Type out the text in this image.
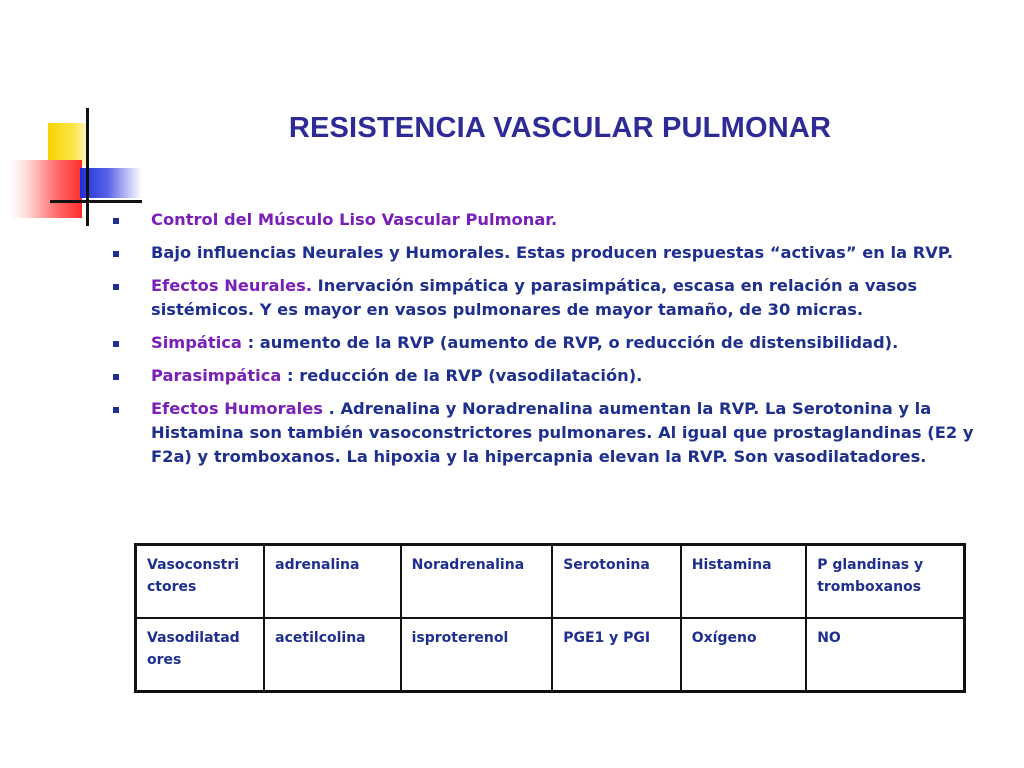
RESISTENCIA VASCULAR PULMONAR
Control del Músculo Liso Vascular Pulmonar.
Bajo influencias Neurales y Humorales. Estas producen respuestas “activas” en la RVP.
Efectos Neurales. Inervación simpática y parasimpática, escasa en relación a vasos sistémicos. Y es mayor en vasos pulmonares de mayor tamaño, de 30 micras.
Simpática : aumento de la RVP (aumento de RVP, o reducción de distensibilidad).
Parasimpática : reducción de la RVP (vasodilatación).
Efectos Humorales . Adrenalina y Noradrenalina aumentan la RVP. La Serotonina y la Histamina son también vasoconstrictores pulmonares. Al igual que prostaglandinas (E2 y F2a) y tromboxanos. La hipoxia y la hipercapnia elevan la RVP. Son vasodilatadores.
Vasoconstri ctores	adrenalina	Noradrenalina	Serotonina	Histamina	P glandinas y tromboxanos
Vasodilatad ores	acetilcolina	isproterenol	PGE1 y PGI	Oxígeno	NO
